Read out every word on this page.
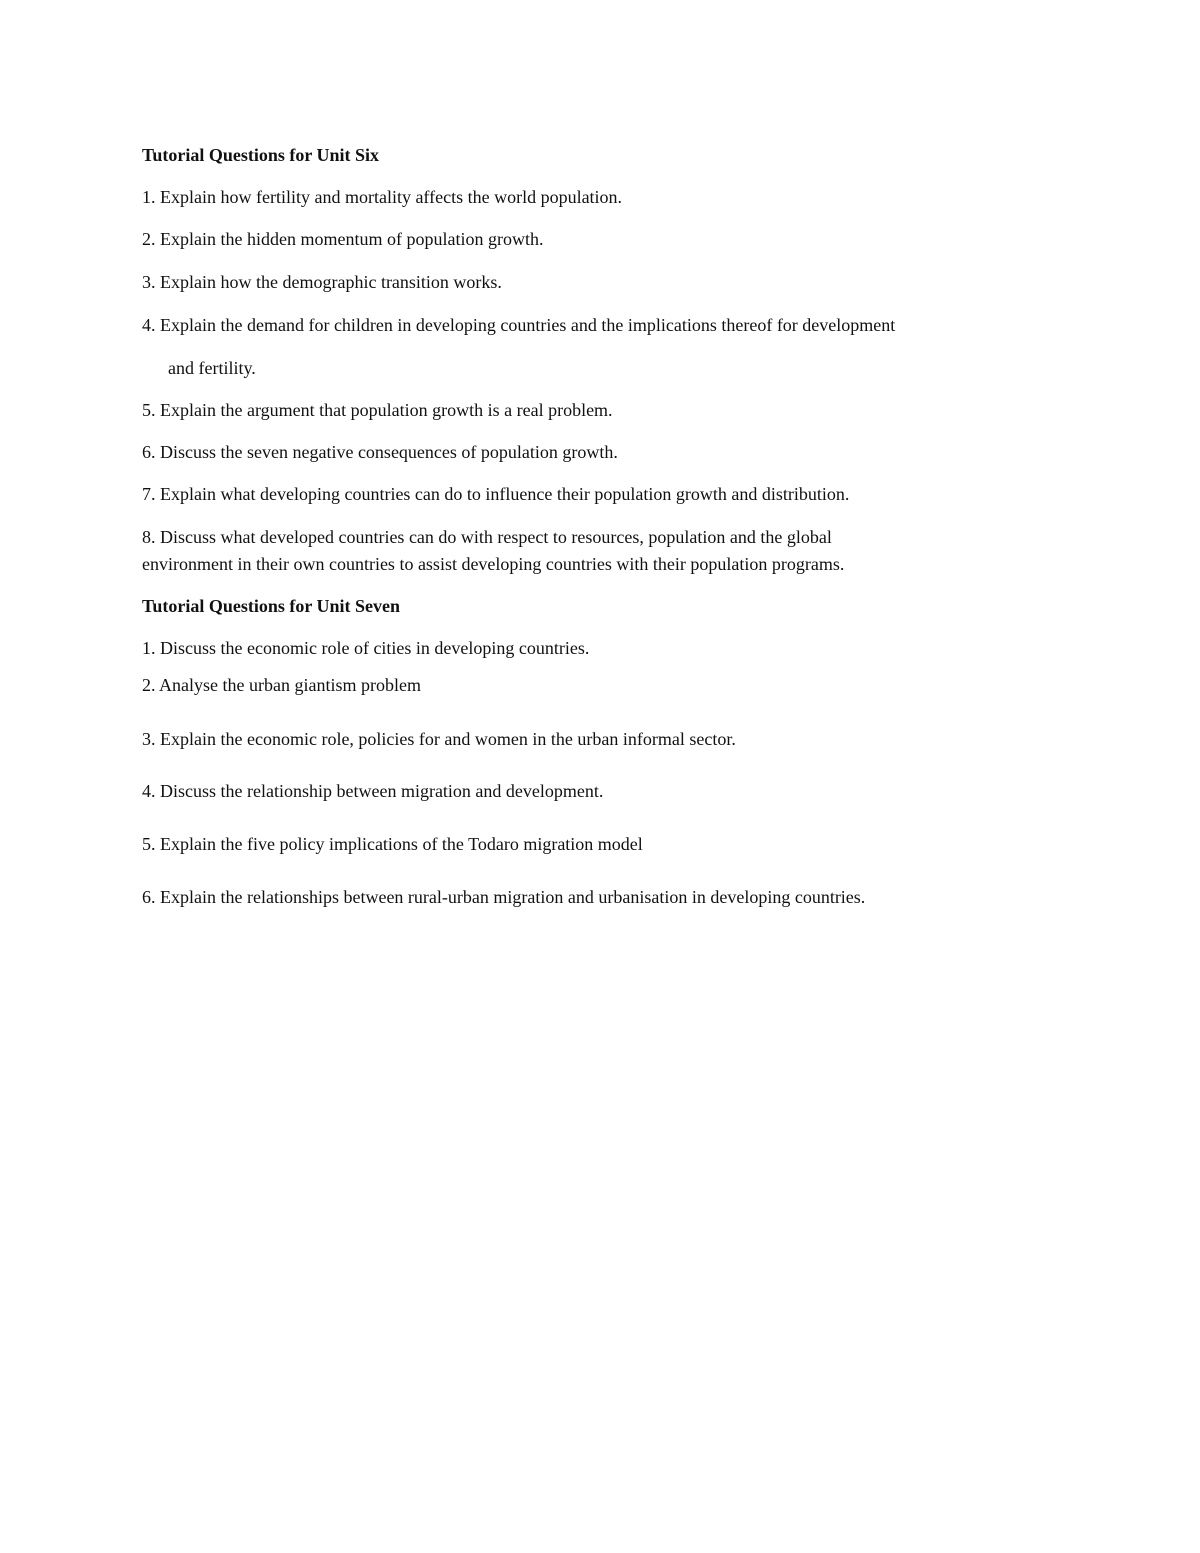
Tutorial Questions for Unit Six
1. Explain how fertility and mortality affects the world population.
2. Explain the hidden momentum of population growth.
3. Explain how the demographic transition works.
4. Explain the demand for children in developing countries and the implications thereof for development
and fertility.
5. Explain the argument that population growth is a real problem.
6. Discuss the seven negative consequences of population growth.
7. Explain what developing countries can do to influence their population growth and distribution.
8. Discuss what developed countries can do with respect to resources, population and the global
environment in their own countries to assist developing countries with their population programs.
Tutorial Questions for Unit Seven
1. Discuss the economic role of cities in developing countries.
2. Analyse the urban giantism problem
3. Explain the economic role, policies for and women in the urban informal sector.
4. Discuss the relationship between migration and development.
5. Explain the five policy implications of the Todaro migration model
6. Explain the relationships between rural-urban migration and urbanisation in developing countries.
